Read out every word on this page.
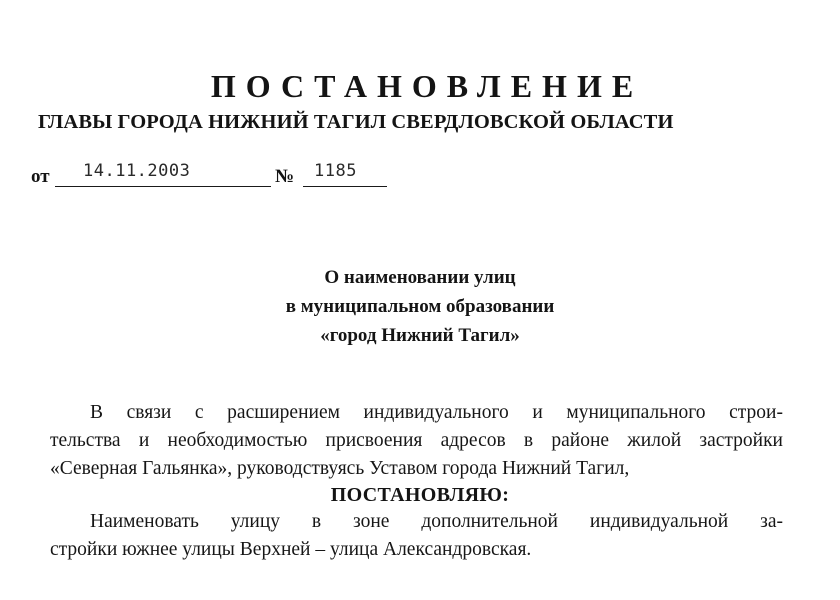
ПОСТАНОВЛЕНИЕ
ГЛАВЫ ГОРОДА НИЖНИЙ ТАГИЛ СВЕРДЛОВСКОЙ ОБЛАСТИ
от 14.11.2003	№ 1185
О наименовании улиц
в муниципальном образовании
«город Нижний Тагил»
В связи с расширением индивидуального и муниципального строи-
тельства и необходимостью присвоения адресов в районе жилой застройки
«Северная Гальянка», руководствуясь Уставом города Нижний Тагил,
ПОСТАНОВЛЯЮ:
Наименовать улицу в зоне дополнительной индивидуальной за-
стройки южнее улицы Верхней – улица Александровская.
